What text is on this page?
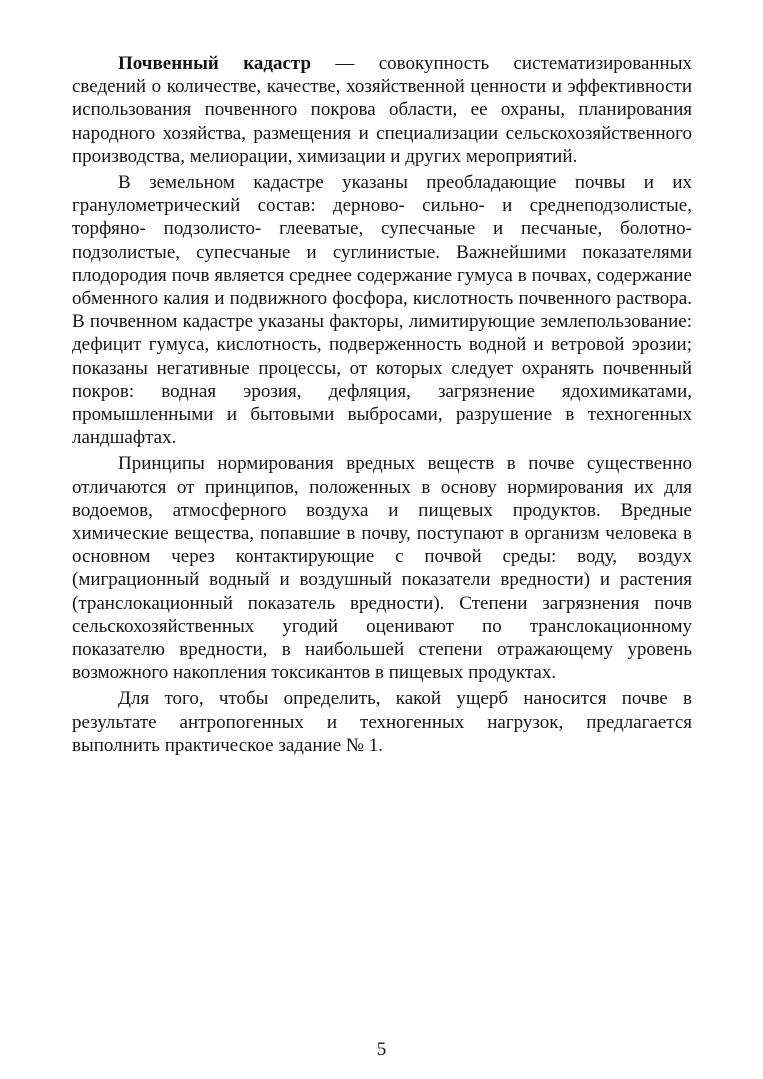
Почвенный кадастр — совокупность систематизированных сведений о количестве, качестве, хозяйственной ценности и эффективности использования почвенного покрова области, ее охраны, планирования народного хозяйства, размещения и специализации сельскохозяйственного производства, мелиорации, химизации и других мероприятий.

В земельном кадастре указаны преобладающие почвы и их гранулометрический состав: дерново- сильно- и среднеподзолистые, торфяно- подзолисто- глееватые, супесчаные и песчаные, болотно-подзолистые, супесчаные и суглинистые. Важнейшими показателями плодородия почв является среднее содержание гумуса в почвах, содержание обменного калия и подвижного фосфора, кислотность почвенного раствора. В почвенном кадастре указаны факторы, лимитирующие землепользование: дефицит гумуса, кислотность, подверженность водной и ветровой эрозии; показаны негативные процессы, от которых следует охранять почвенный покров: водная эрозия, дефляция, загрязнение ядохимикатами, промышленными и бытовыми выбросами, разрушение в техногенных ландшафтах.

Принципы нормирования вредных веществ в почве существенно отличаются от принципов, положенных в основу нормирования их для водоемов, атмосферного воздуха и пищевых продуктов. Вредные химические вещества, попавшие в почву, поступают в организм человека в основном через контактирующие с почвой среды: воду, воздух (миграционный водный и воздушный показатели вредности) и растения (транслокационный показатель вредности). Степени загрязнения почв сельскохозяйственных угодий оценивают по транслокационному показателю вредности, в наибольшей степени отражающему уровень возможного накопления токсикантов в пищевых продуктах.

Для того, чтобы определить, какой ущерб наносится почве в результате антропогенных и техногенных нагрузок, предлагается выполнить практическое задание № 1.

5
